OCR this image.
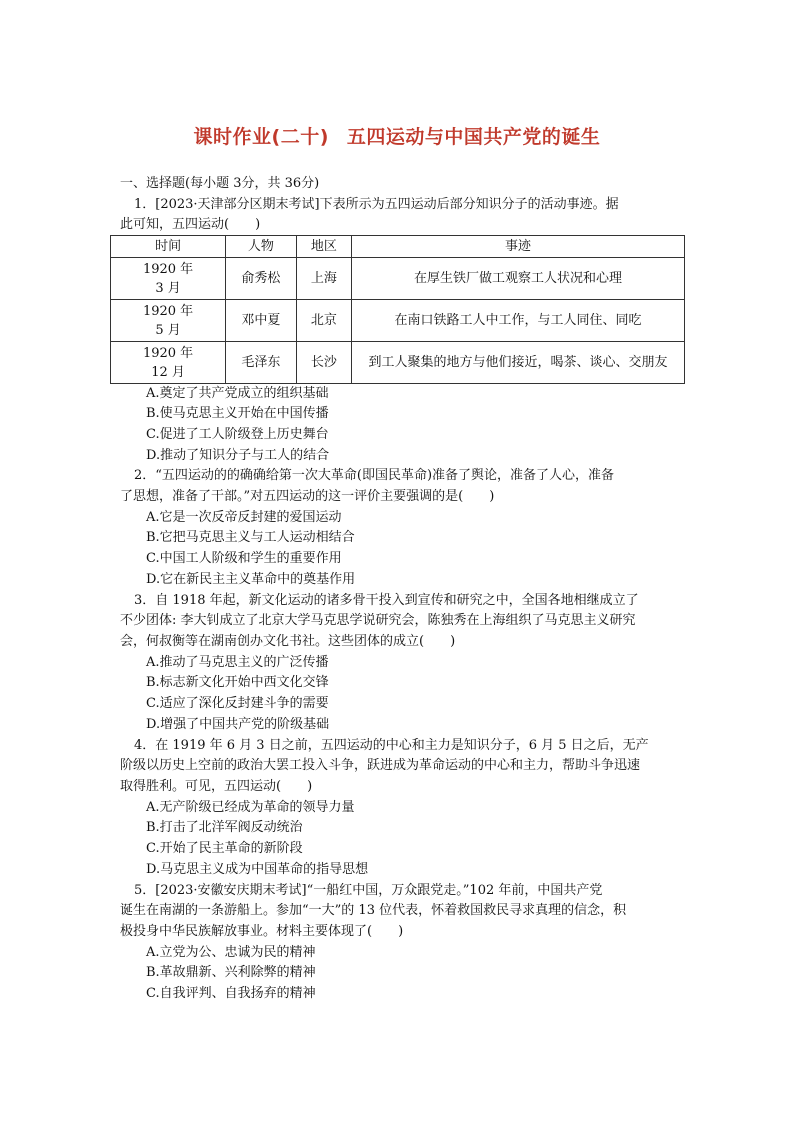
课时作业(二十) 五四运动与中国共产党的诞生
一、选择题(每小题 3分，共 36分)
1．[2023·天津部分区期末考试]下表所示为五四运动后部分知识分子的活动事迹。据
此可知，五四运动(　　)
时间	人物	地区	事迹

1920 年
3 月	俞秀松	上海	在厚生铁厂做工观察工人状况和心理

1920 年
5 月	邓中夏	北京	在南口铁路工人中工作，与工人同住、同吃

1920 年
12 月	毛泽东	长沙	到工人聚集的地方与他们接近，喝茶、谈心、交朋友
A.奠定了共产党成立的组织基础
B.使马克思主义开始在中国传播
C.促进了工人阶级登上历史舞台
D.推动了知识分子与工人的结合
2．“五四运动的的确确给第一次大革命(即国民革命)准备了舆论，准备了人心，准备
了思想，准备了干部。”对五四运动的这一评价主要强调的是(　　)
A.它是一次反帝反封建的爱国运动
B.它把马克思主义与工人运动相结合
C.中国工人阶级和学生的重要作用
D.它在新民主主义革命中的奠基作用
3．自 1918 年起，新文化运动的诸多骨干投入到宣传和研究之中，全国各地相继成立了
不少团体: 李大钊成立了北京大学马克思学说研究会，陈独秀在上海组织了马克思主义研究
会，何叔衡等在湖南创办文化书社。这些团体的成立(　　)
A.推动了马克思主义的广泛传播
B.标志新文化开始中西文化交锋
C.适应了深化反封建斗争的需要
D.增强了中国共产党的阶级基础
4．在 1919 年 6 月 3 日之前，五四运动的中心和主力是知识分子，6 月 5 日之后，无产
阶级以历史上空前的政治大罢工投入斗争，跃进成为革命运动的中心和主力，帮助斗争迅速
取得胜利。可见，五四运动(　　)
A.无产阶级已经成为革命的领导力量
B.打击了北洋军阀反动统治
C.开始了民主革命的新阶段
D.马克思主义成为中国革命的指导思想
5．[2023·安徽安庆期末考试]“一船红中国，万众跟党走。”102 年前，中国共产党
诞生在南湖的一条游船上。参加“一大”的 13 位代表，怀着救国救民寻求真理的信念，积
极投身中华民族解放事业。材料主要体现了(　　)
A.立党为公、忠诚为民的精神
B.革故鼎新、兴利除弊的精神
C.自我评判、自我扬弃的精神
